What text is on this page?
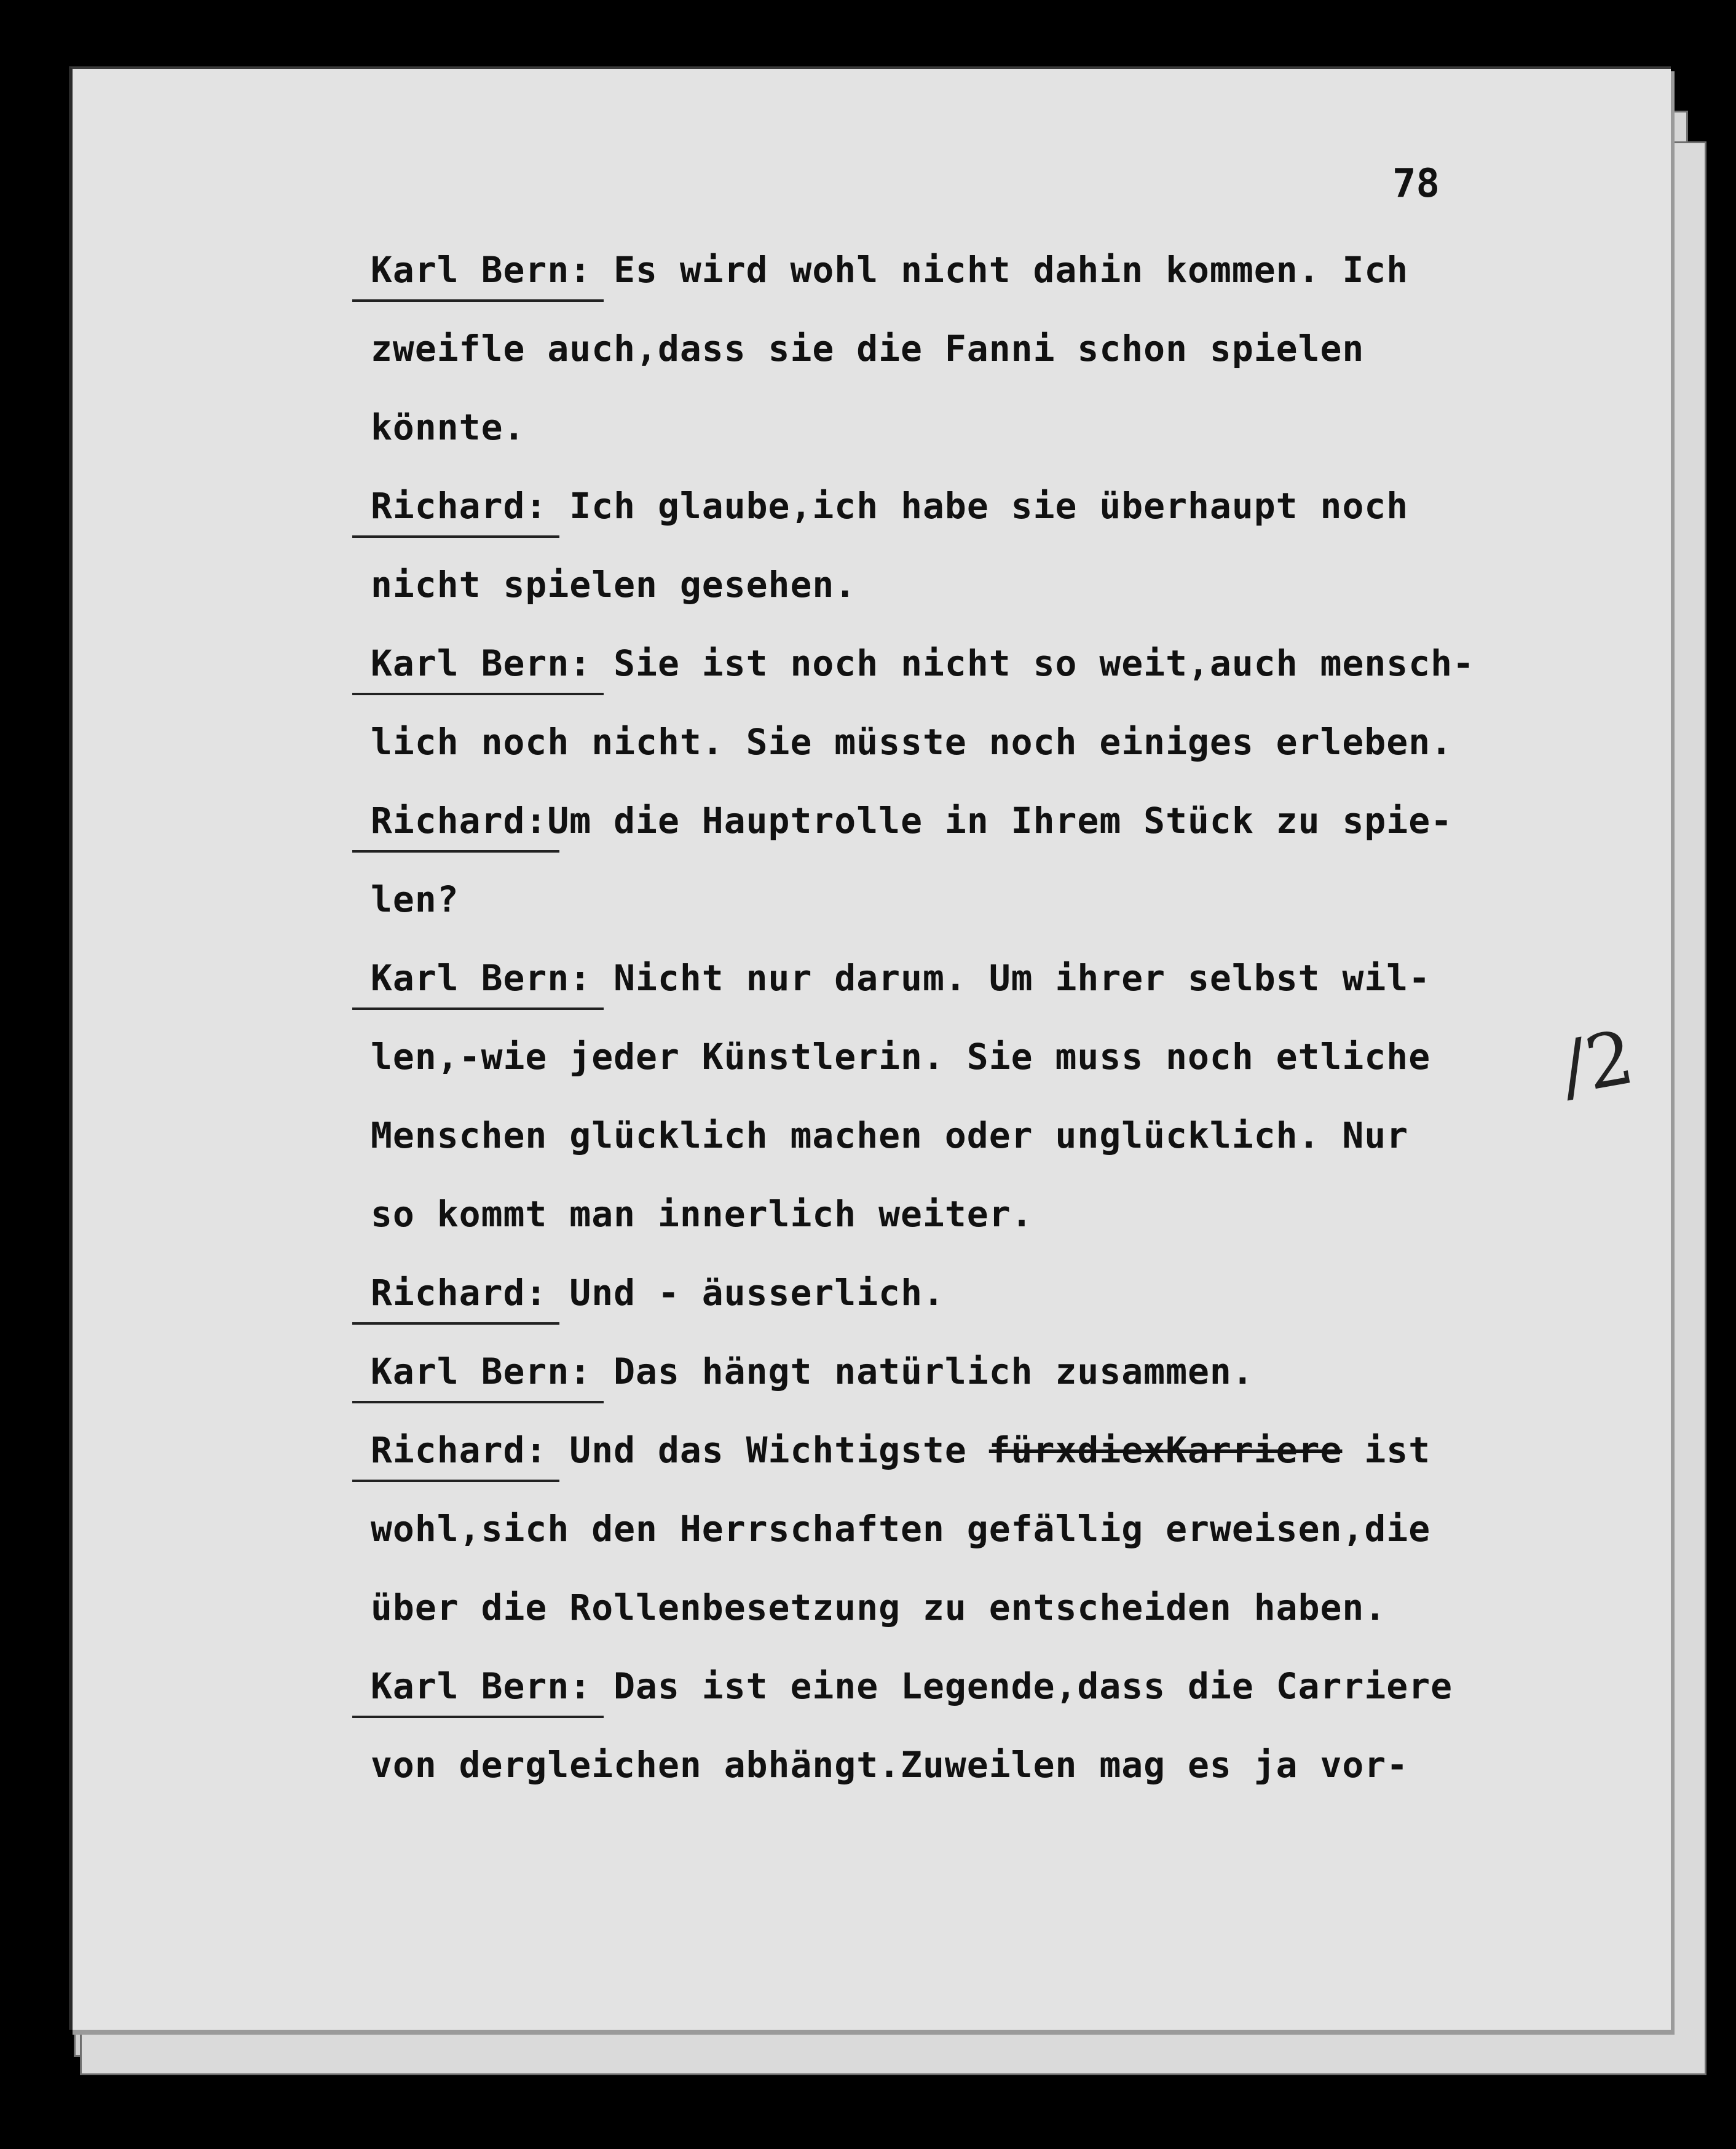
78
Karl Bern: Es wird wohl nicht dahin kommen. Ich
zweifle auch,dass sie die Fanni schon spielen
könnte.
Richard: Ich glaube,ich habe sie überhaupt noch
nicht spielen gesehen.
Karl Bern: Sie ist noch nicht so weit,auch mensch-
lich noch nicht. Sie müsste noch einiges erleben.
Richard:Um die Hauptrolle in Ihrem Stück zu spie-
len?
Karl Bern: Nicht nur darum. Um ihrer selbst wil-
len,-wie jeder Künstlerin. Sie muss noch etliche
Menschen glücklich machen oder unglücklich. Nur
so kommt man innerlich weiter.
Richard: Und - äusserlich.
Karl Bern: Das hängt natürlich zusammen.
Richard: Und das Wichtigste fürxdiexKarriere ist
wohl,sich den Herrschaften gefällig erweisen,die
über die Rollenbesetzung zu entscheiden haben.
Karl Bern: Das ist eine Legende,dass die Carriere
von dergleichen abhängt.Zuweilen mag es ja vor-
/2
